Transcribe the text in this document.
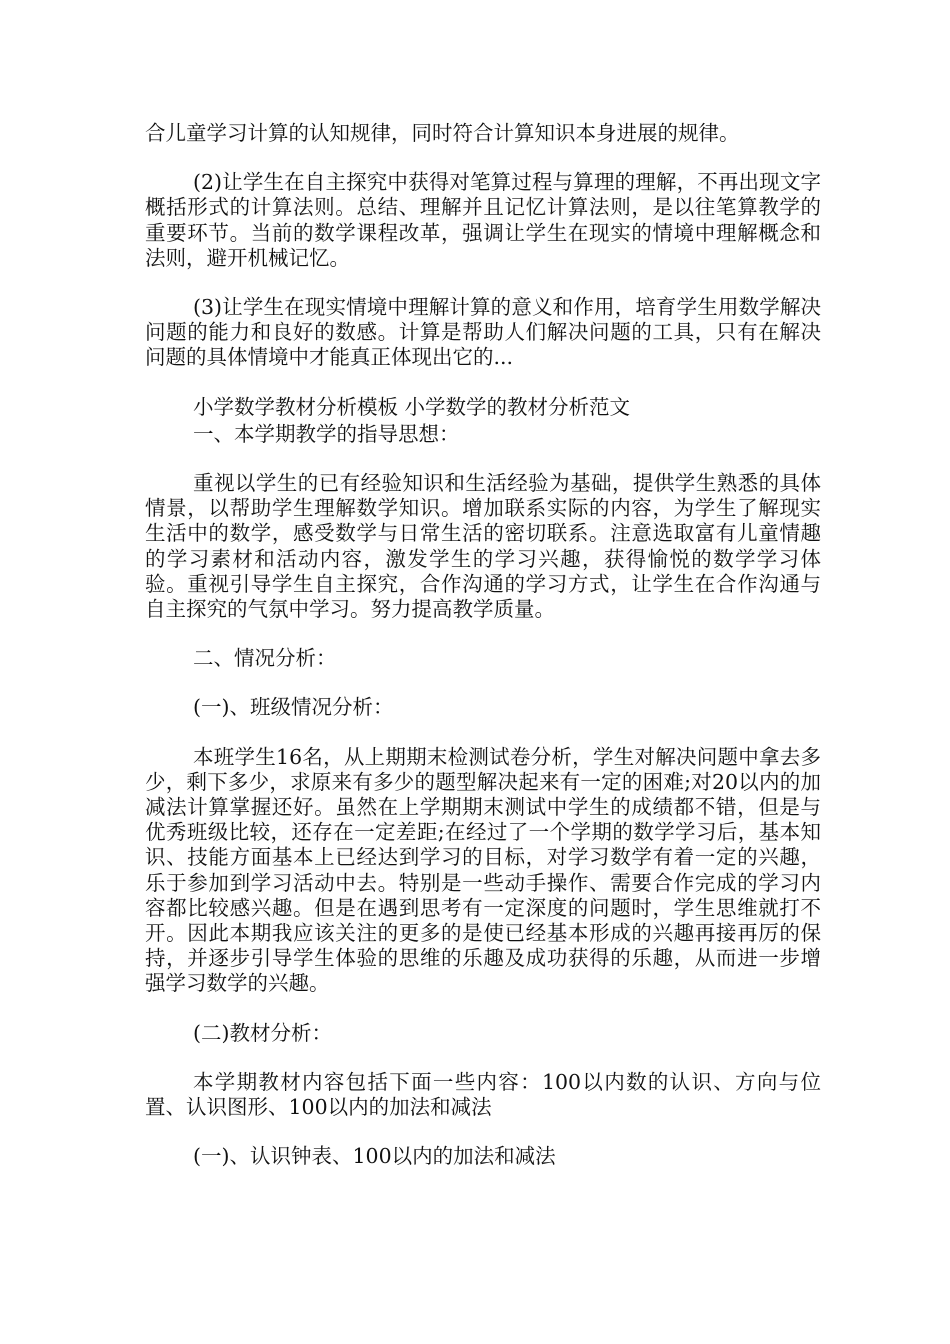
合儿童学习计算的认知规律，同时符合计算知识本身进展的规律。

(2)让学生在自主探究中获得对笔算过程与算理的理解，不再出现文字概括形式的计算法则。总结、理解并且记忆计算法则，是以往笔算教学的重要环节。当前的数学课程改革，强调让学生在现实的情境中理解概念和法则，避开机械记忆。

(3)让学生在现实情境中理解计算的意义和作用，培育学生用数学解决问题的能力和良好的数感。计算是帮助人们解决问题的工具，只有在解决问题的具体情境中才能真正体现出它的...

小学数学教材分析模板 小学数学的教材分析范文

一、本学期教学的指导思想：

重视以学生的已有经验知识和生活经验为基础，提供学生熟悉的具体情景，以帮助学生理解数学知识。增加联系实际的内容，为学生了解现实生活中的数学，感受数学与日常生活的密切联系。注意选取富有儿童情趣的学习素材和活动内容，激发学生的学习兴趣，获得愉悦的数学学习体验。重视引导学生自主探究，合作沟通的学习方式，让学生在合作沟通与自主探究的气氛中学习。努力提高教学质量。

二、情况分析：

(一)、班级情况分析：

本班学生16名，从上期期末检测试卷分析，学生对解决问题中拿去多少，剩下多少，求原来有多少的题型解决起来有一定的困难;对20以内的加减法计算掌握还好。虽然在上学期期末测试中学生的成绩都不错，但是与优秀班级比较，还存在一定差距;在经过了一个学期的数学学习后，基本知识、技能方面基本上已经达到学习的目标，对学习数学有着一定的兴趣，乐于参加到学习活动中去。特别是一些动手操作、需要合作完成的学习内容都比较感兴趣。但是在遇到思考有一定深度的问题时，学生思维就打不开。因此本期我应该关注的更多的是使已经基本形成的兴趣再接再厉的保持，并逐步引导学生体验的思维的乐趣及成功获得的乐趣，从而进一步增强学习数学的兴趣。

(二)教材分析：

本学期教材内容包括下面一些内容：100以内数的认识、方向与位置、认识图形、100以内的加法和减法

(一)、认识钟表、100以内的加法和减法
